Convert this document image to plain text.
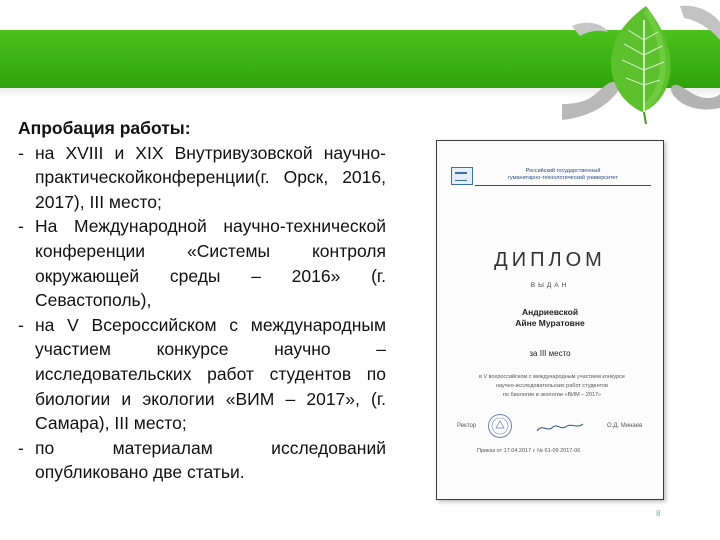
Апробация работы:

- на XVIII и XIX Внутривузовской научно-практическойконференции(г. Орск, 2016, 2017), III место;
- На Международной научно-технической конференции «Системы контроля окружающей среды – 2016» (г. Севастополь),
- на V Всероссийском с международным участием конкурсе научно – исследовательских работ студентов по биологии и экологии «ВИМ – 2017», (г. Самара), III место;
- по материалам исследований опубликовано две статьи.
Российский государственный
гуманитарно-технологический университет
ДИПЛОМ
ВЫДАН
Андриевской
Айне Муратовне
за III место
в V всероссийском с международным участием конкурсе
научно-исследовательских работ студентов
по биологии и экологии «ВИМ – 2017»
Ректор	О.Д. Минаев
Приказ от 17.04.2017 г. № 61-09 2017-06
8
